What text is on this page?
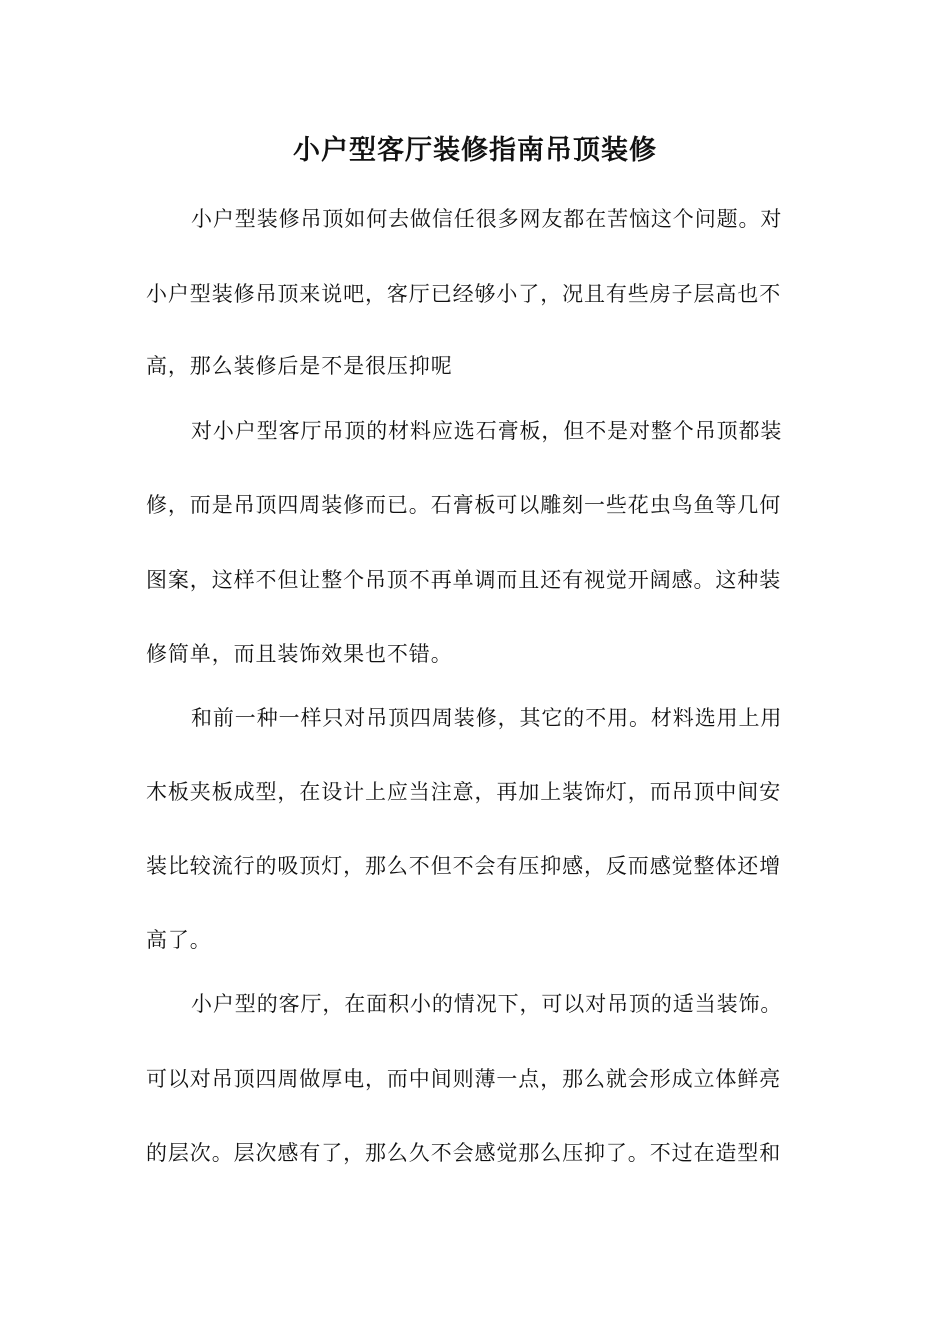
小户型客厅装修指南吊顶装修
小户型装修吊顶如何去做信任很多网友都在苦恼这个问题。对
小户型装修吊顶来说吧，客厅已经够小了，况且有些房子层高也不
高，那么装修后是不是很压抑呢
对小户型客厅吊顶的材料应选石膏板，但不是对整个吊顶都装
修，而是吊顶四周装修而已。石膏板可以雕刻一些花虫鸟鱼等几何
图案，这样不但让整个吊顶不再单调而且还有视觉开阔感。这种装
修简单，而且装饰效果也不错。
和前一种一样只对吊顶四周装修，其它的不用。材料选用上用
木板夹板成型，在设计上应当注意，再加上装饰灯，而吊顶中间安
装比较流行的吸顶灯，那么不但不会有压抑感，反而感觉整体还增
高了。
小户型的客厅，在面积小的情况下，可以对吊顶的适当装饰。
可以对吊顶四周做厚电，而中间则薄一点，那么就会形成立体鲜亮
的层次。层次感有了，那么久不会感觉那么压抑了。不过在造型和
